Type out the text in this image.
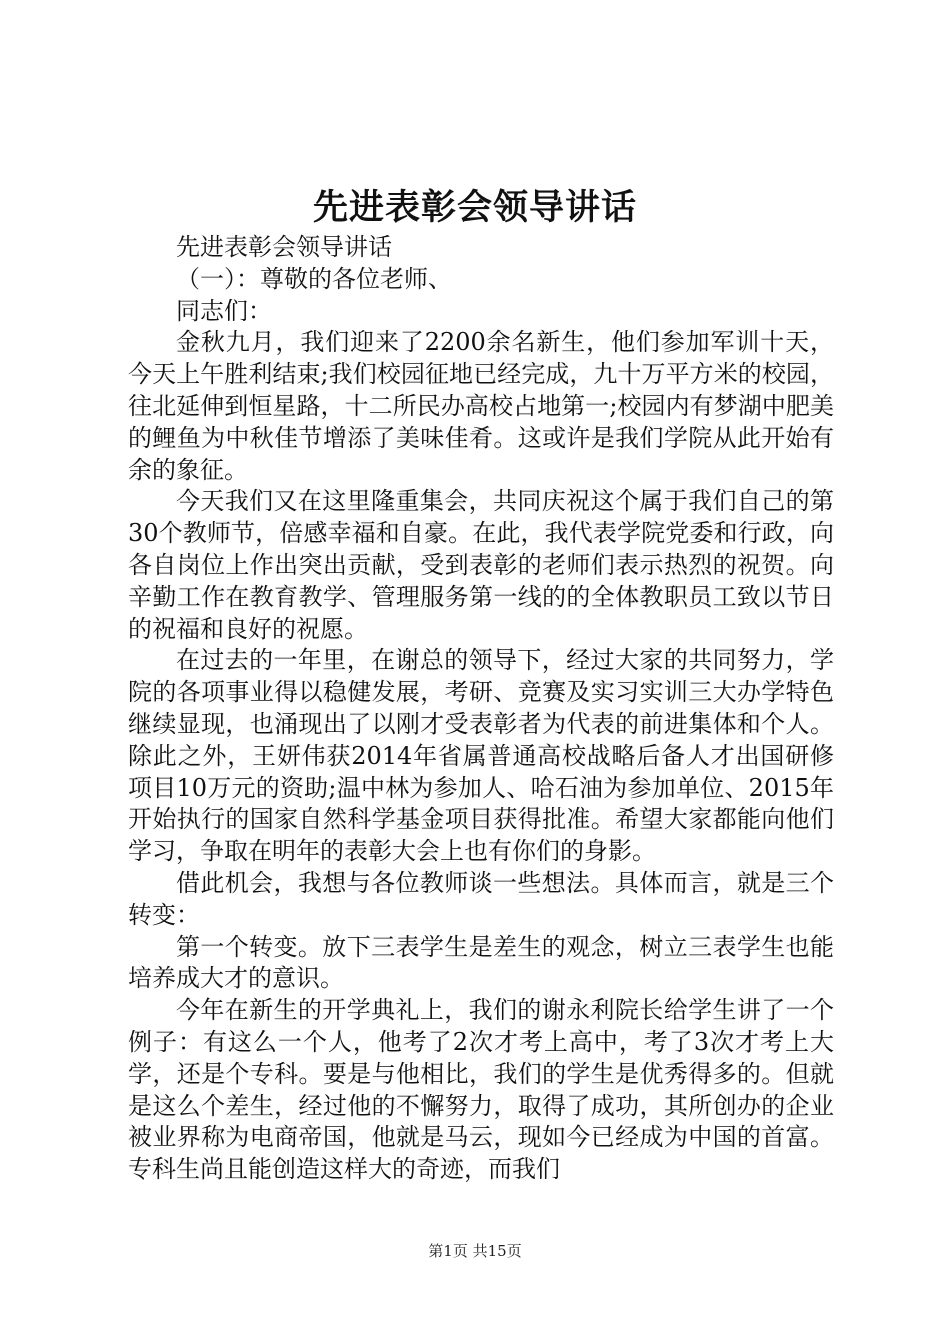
先进表彰会领导讲话

先进表彰会领导讲话

（一）：尊敬的各位老师、

同志们：

金秋九月，我们迎来了2200余名新生，他们参加军训十天，今天上午胜利结束;我们校园征地已经完成，九十万平方米的校园，往北延伸到恒星路，十二所民办高校占地第一;校园内有梦湖中肥美的鲤鱼为中秋佳节增添了美味佳肴。这或许是我们学院从此开始有余的象征。

今天我们又在这里隆重集会，共同庆祝这个属于我们自己的第30个教师节，倍感幸福和自豪。在此，我代表学院党委和行政，向各自岗位上作出突出贡献，受到表彰的老师们表示热烈的祝贺。向辛勤工作在教育教学、管理服务第一线的的全体教职员工致以节日的祝福和良好的祝愿。

在过去的一年里，在谢总的领导下，经过大家的共同努力，学院的各项事业得以稳健发展，考研、竞赛及实习实训三大办学特色继续显现，也涌现出了以刚才受表彰者为代表的前进集体和个人。除此之外，王妍伟获2014年省属普通高校战略后备人才出国研修项目10万元的资助;温中林为参加人、哈石油为参加单位、2015年开始执行的国家自然科学基金项目获得批准。希望大家都能向他们学习，争取在明年的表彰大会上也有你们的身影。

借此机会，我想与各位教师谈一些想法。具体而言，就是三个转变：

第一个转变。放下三表学生是差生的观念，树立三表学生也能培养成大才的意识。

今年在新生的开学典礼上，我们的谢永利院长给学生讲了一个例子：有这么一个人，他考了2次才考上高中，考了3次才考上大学，还是个专科。要是与他相比，我们的学生是优秀得多的。但就是这么个差生，经过他的不懈努力，取得了成功，其所创办的企业被业界称为电商帝国，他就是马云，现如今已经成为中国的首富。专科生尚且能创造这样大的奇迹，而我们

第1页 共15页
